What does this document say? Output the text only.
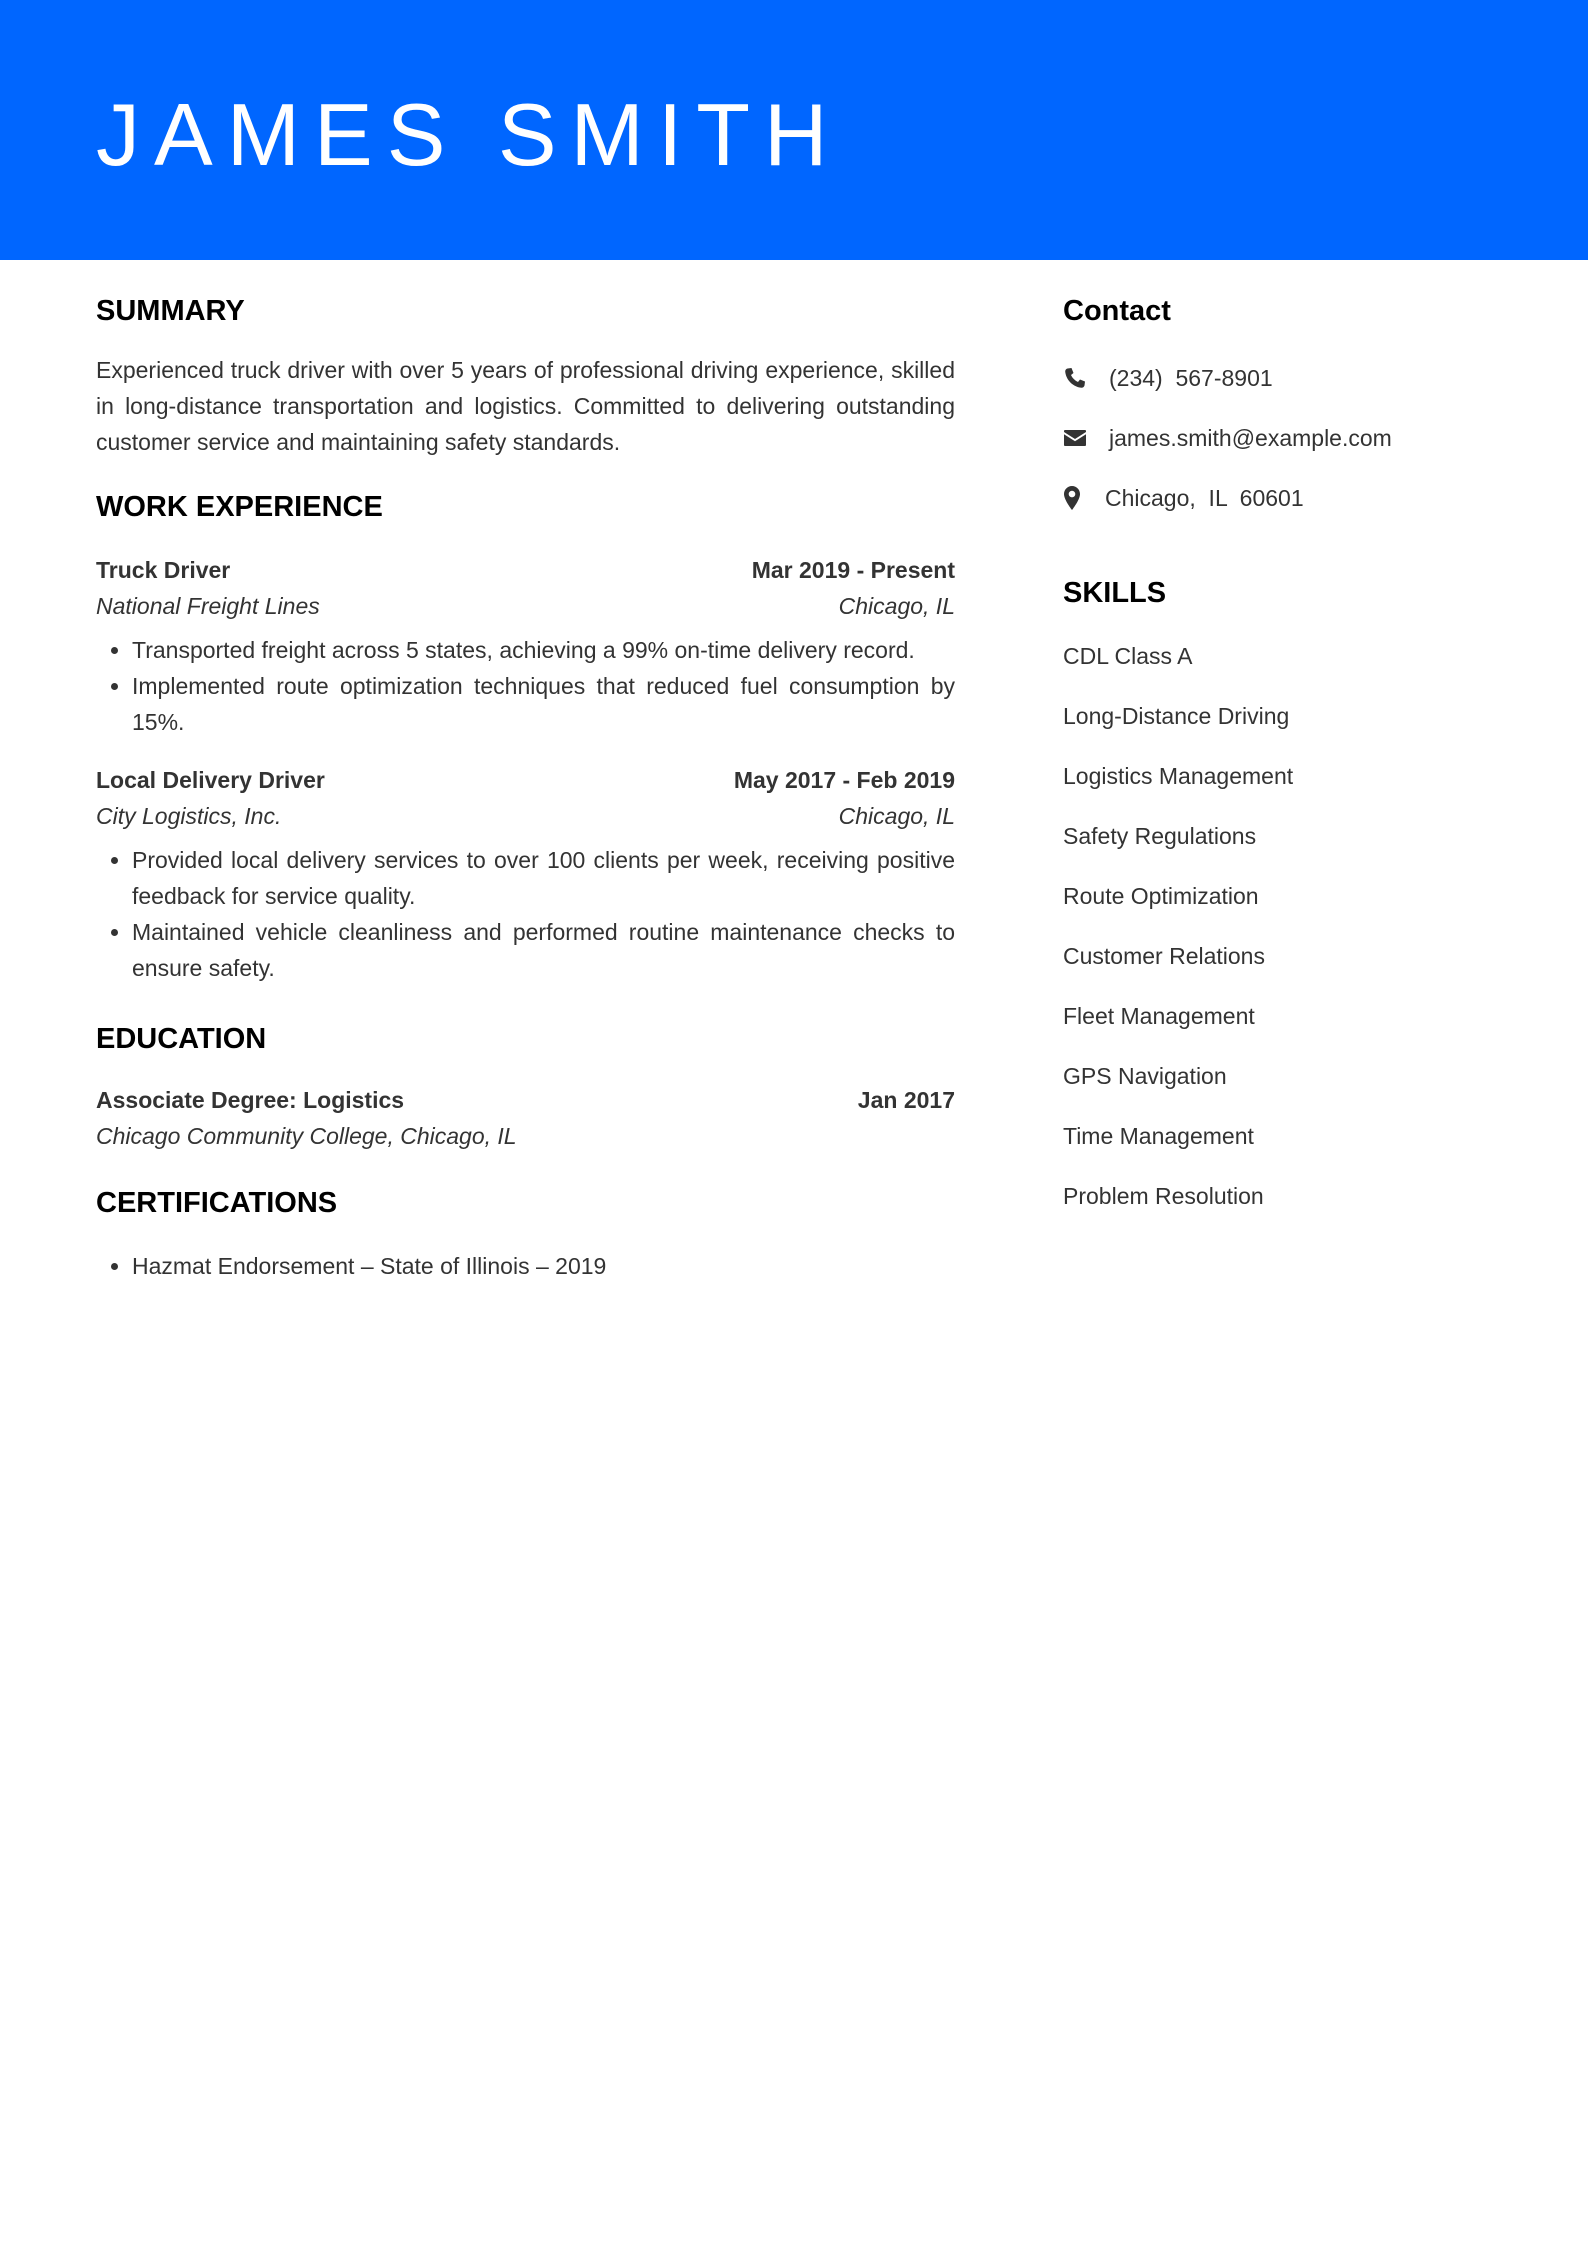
JAMES SMITH
SUMMARY

Experienced truck driver with over 5 years of professional driving experience, skilled in long-distance transportation and logistics. Committed to delivering outstanding customer service and maintaining safety standards.

WORK EXPERIENCE
Truck Driver	Mar 2019 - Present
National Freight Lines	Chicago, IL
• Transported freight across 5 states, achieving a 99% on-time delivery record.
• Implemented route optimization techniques that reduced fuel consumption by 15%.
Local Delivery Driver	May 2017 - Feb 2019
City Logistics, Inc.	Chicago, IL
• Provided local delivery services to over 100 clients per week, receiving positive feedback for service quality.
• Maintained vehicle cleanliness and performed routine maintenance checks to ensure safety.
EDUCATION
Associate Degree: Logistics	Jan 2017
Chicago Community College, Chicago, IL
CERTIFICATIONS
• Hazmat Endorsement – State of Illinois – 2019
Contact
(234)  567-8901
james.smith@example.com
Chicago,  IL  60601
SKILLS
CDL Class A
Long-Distance Driving
Logistics Management
Safety Regulations
Route Optimization
Customer Relations
Fleet Management
GPS Navigation
Time Management
Problem Resolution
